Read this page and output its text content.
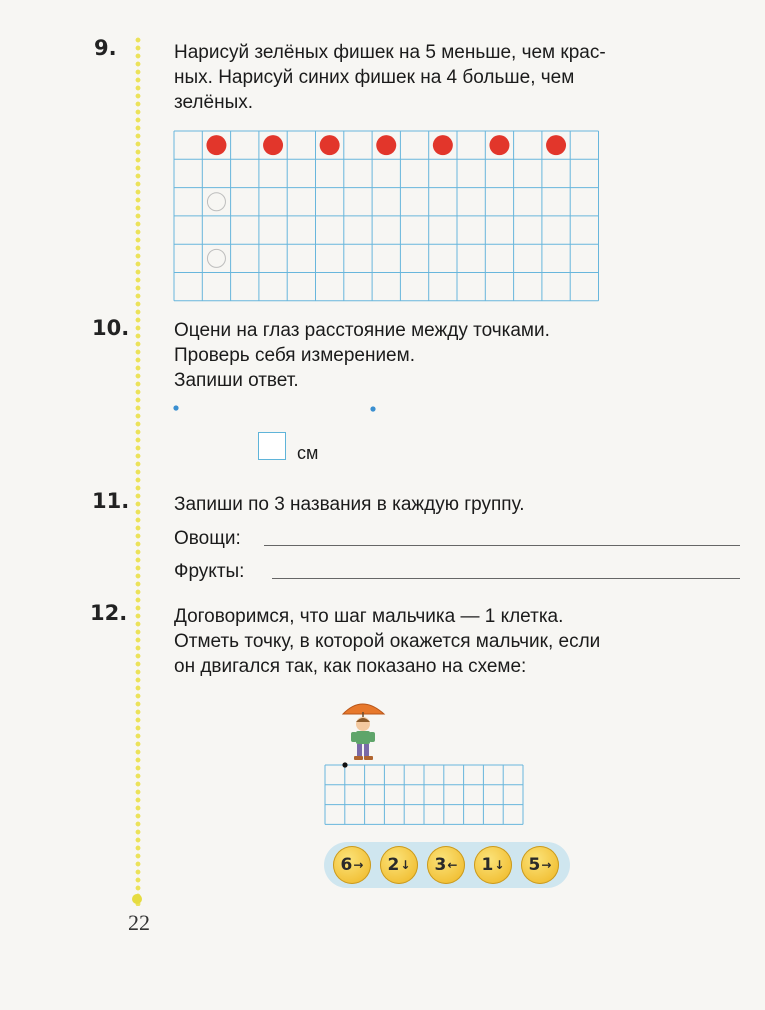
9.	Нарисуй зелёных фишек на 5 меньше, чем крас-
ных. Нарисуй синих фишек на 4 больше, чем
зелёных.
10. Оцени на глаз расстояние между точками.
Проверь себя измерением.
Запиши ответ.
см
11. Запиши по 3 названия в каждую группу.
Овощи:
Фрукты:
12. Договоримся, что шаг мальчика — 1 клетка.
Отметь точку, в которой окажется мальчик, если
он двигался так, как показано на схеме:
6 → 2 ↓ 3 ← 1 ↓ 5 →
22
